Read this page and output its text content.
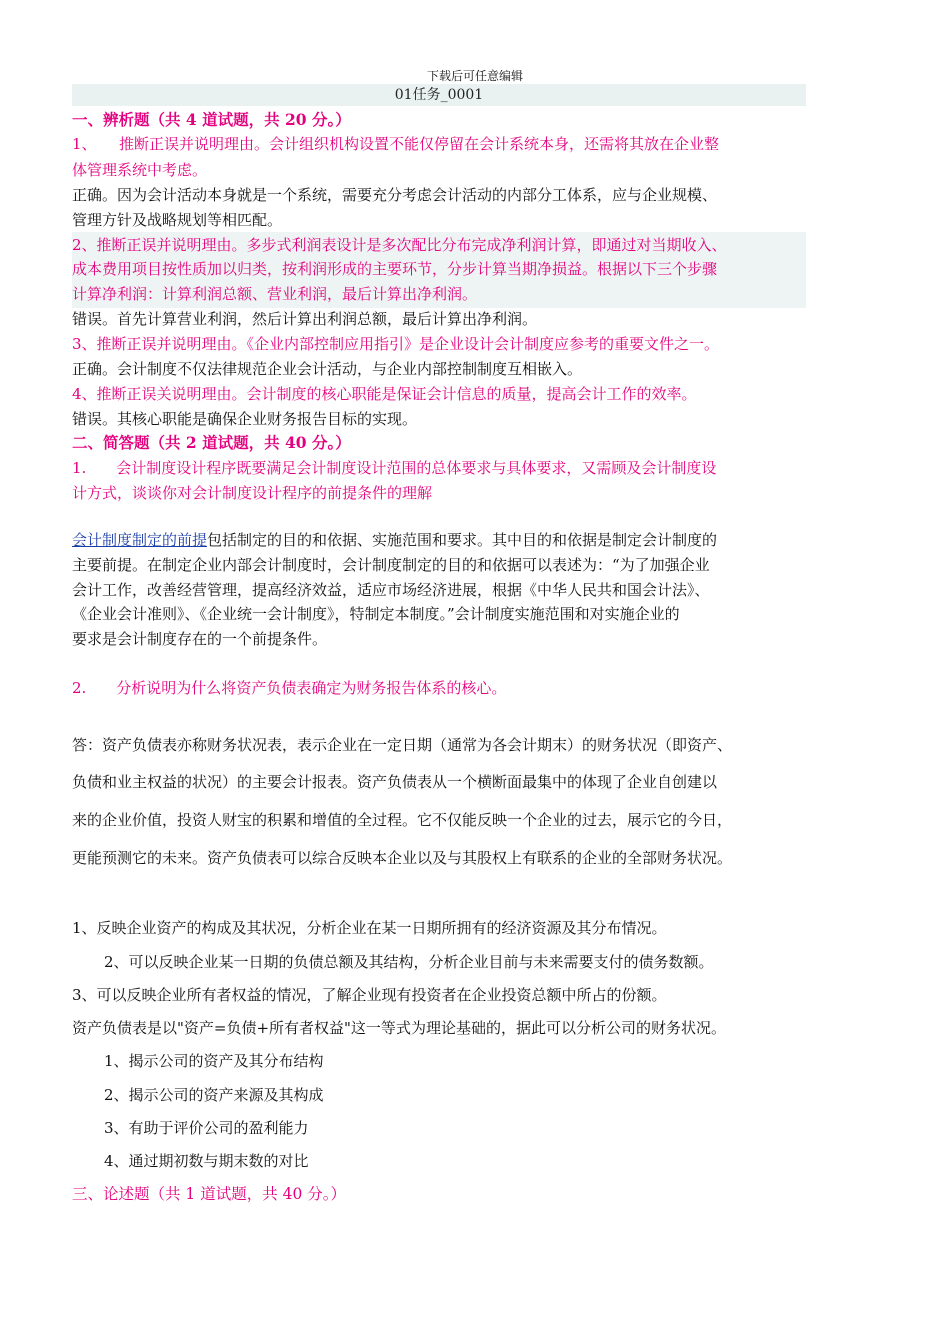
下载后可任意编辑
01任务_0001
一、辨析题（共 4 道试题，共 20 分。）
1、　　推断正误并说明理由。会计组织机构设置不能仅停留在会计系统本身，还需将其放在企业整
体管理系统中考虑。
正确。因为会计活动本身就是一个系统，需要充分考虑会计活动的内部分工体系，应与企业规模、
管理方针及战略规划等相匹配。
2、推断正误并说明理由。多步式利润表设计是多次配比分布完成净利润计算，即通过对当期收入、
成本费用项目按性质加以归类，按利润形成的主要环节，分步计算当期净损益。根据以下三个步骤
计算净利润：计算利润总额、营业利润，最后计算出净利润。
错误。首先计算营业利润，然后计算出利润总额，最后计算出净利润。
3、推断正误并说明理由。《企业内部控制应用指引》是企业设计会计制度应参考的重要文件之一。
正确。会计制度不仅法律规范企业会计活动，与企业内部控制制度互相嵌入。
4、推断正误关说明理由。会计制度的核心职能是保证会计信息的质量，提高会计工作的效率。
错误。其核心职能是确保企业财务报告目标的实现。
二、简答题（共 2 道试题，共 40 分。）
1.　　会计制度设计程序既要满足会计制度设计范围的总体要求与具体要求，又需顾及会计制度设
计方式，谈谈你对会计制度设计程序的前提条件的理解
会计制度制定的前提包括制定的目的和依据、实施范围和要求。其中目的和依据是制定会计制度的
主要前提。在制定企业内部会计制度时，会计制度制定的目的和依据可以表述为：“为了加强企业
会计工作，改善经营管理，提高经济效益，适应市场经济进展，根据《中华人民共和国会计法》、
《企业会计准则》、《企业统一会计制度》，特制定本制度。”会计制度实施范围和对实施企业的
要求是会计制度存在的一个前提条件。
2.　　分析说明为什么将资产负债表确定为财务报告体系的核心。
答：资产负债表亦称财务状况表，表示企业在一定日期（通常为各会计期末）的财务状况（即资产、
负债和业主权益的状况）的主要会计报表。资产负债表从一个横断面最集中的体现了企业自创建以
来的企业价值，投资人财宝的积累和增值的全过程。它不仅能反映一个企业的过去，展示它的今日，
更能预测它的未来。资产负债表可以综合反映本企业以及与其股权上有联系的企业的全部财务状况。
1、反映企业资产的构成及其状况，分析企业在某一日期所拥有的经济资源及其分布情况。
2、可以反映企业某一日期的负债总额及其结构，分析企业目前与未来需要支付的债务数额。
3、可以反映企业所有者权益的情况，了解企业现有投资者在企业投资总额中所占的份额。
资产负债表是以"资产=负债+所有者权益"这一等式为理论基础的，据此可以分析公司的财务状况。
1、揭示公司的资产及其分布结构
2、揭示公司的资产来源及其构成
3、有助于评价公司的盈利能力
4、通过期初数与期末数的对比
三、论述题（共 1 道试题，共 40 分。）
